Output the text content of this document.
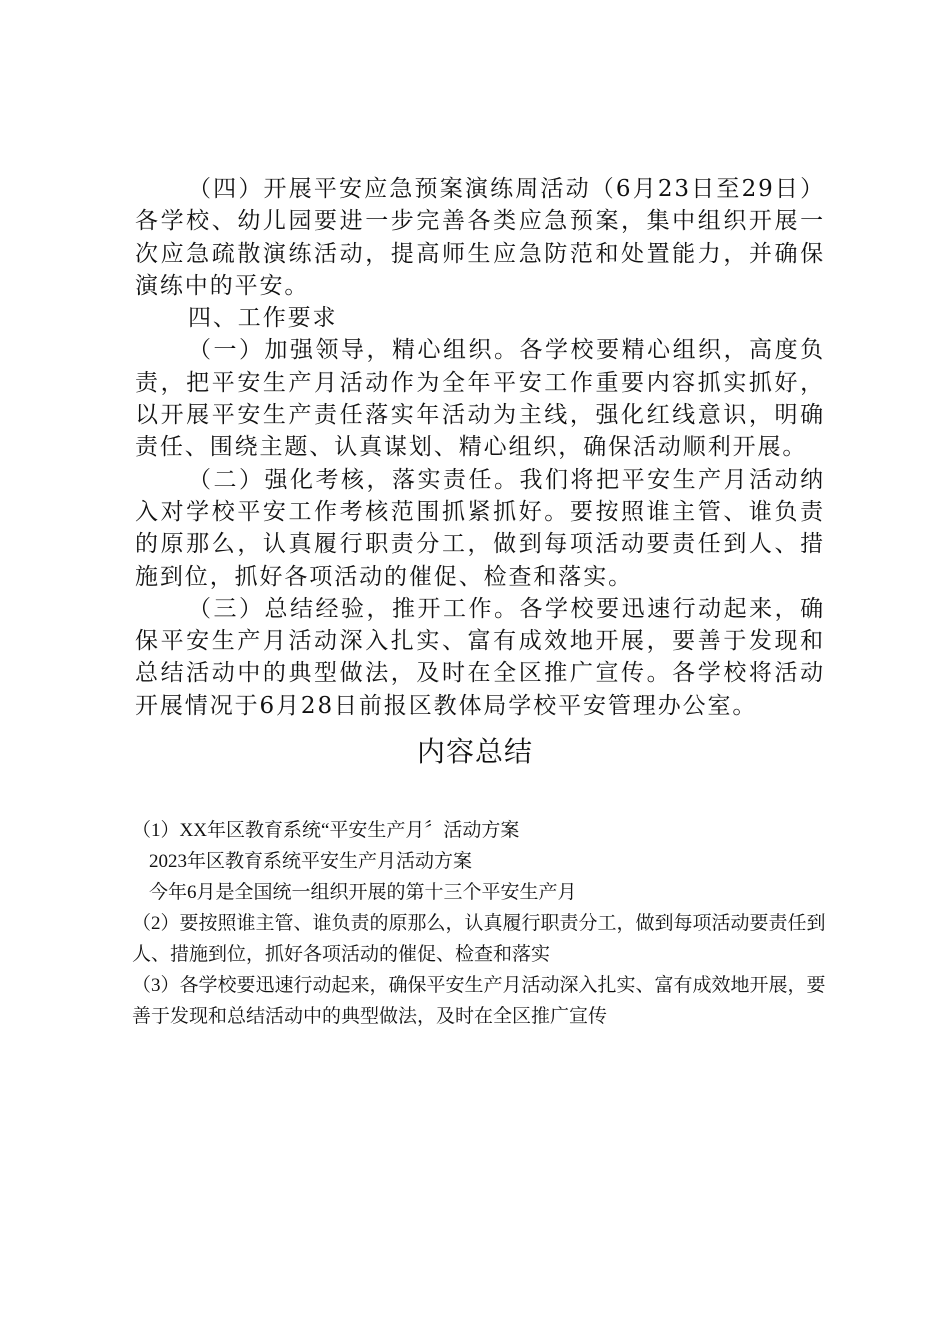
（四）开展平安应急预案演练周活动（6月23日至29日）各学校、幼儿园要进一步完善各类应急预案，集中组织开展一次应急疏散演练活动，提高师生应急防范和处置能力，并确保演练中的平安。

四、工作要求

（一）加强领导，精心组织。各学校要精心组织，高度负责，把平安生产月活动作为全年平安工作重要内容抓实抓好，以开展平安生产责任落实年活动为主线，强化红线意识，明确责任、围绕主题、认真谋划、精心组织，确保活动顺利开展。

（二）强化考核，落实责任。我们将把平安生产月活动纳入对学校平安工作考核范围抓紧抓好。要按照谁主管、谁负责的原那么，认真履行职责分工，做到每项活动要责任到人、措施到位，抓好各项活动的催促、检查和落实。

（三）总结经验，推开工作。各学校要迅速行动起来，确保平安生产月活动深入扎实、富有成效地开展，要善于发现和总结活动中的典型做法，及时在全区推广宣传。各学校将活动开展情况于6月28日前报区教体局学校平安管理办公室。

内容总结

（1）XX年区教育系统“平安生产月〞活动方案

2023年区教育系统平安生产月活动方案

今年6月是全国统一组织开展的第十三个平安生产月

（2）要按照谁主管、谁负责的原那么，认真履行职责分工，做到每项活动要责任到人、措施到位，抓好各项活动的催促、检查和落实

（3）各学校要迅速行动起来，确保平安生产月活动深入扎实、富有成效地开展，要善于发现和总结活动中的典型做法，及时在全区推广宣传
